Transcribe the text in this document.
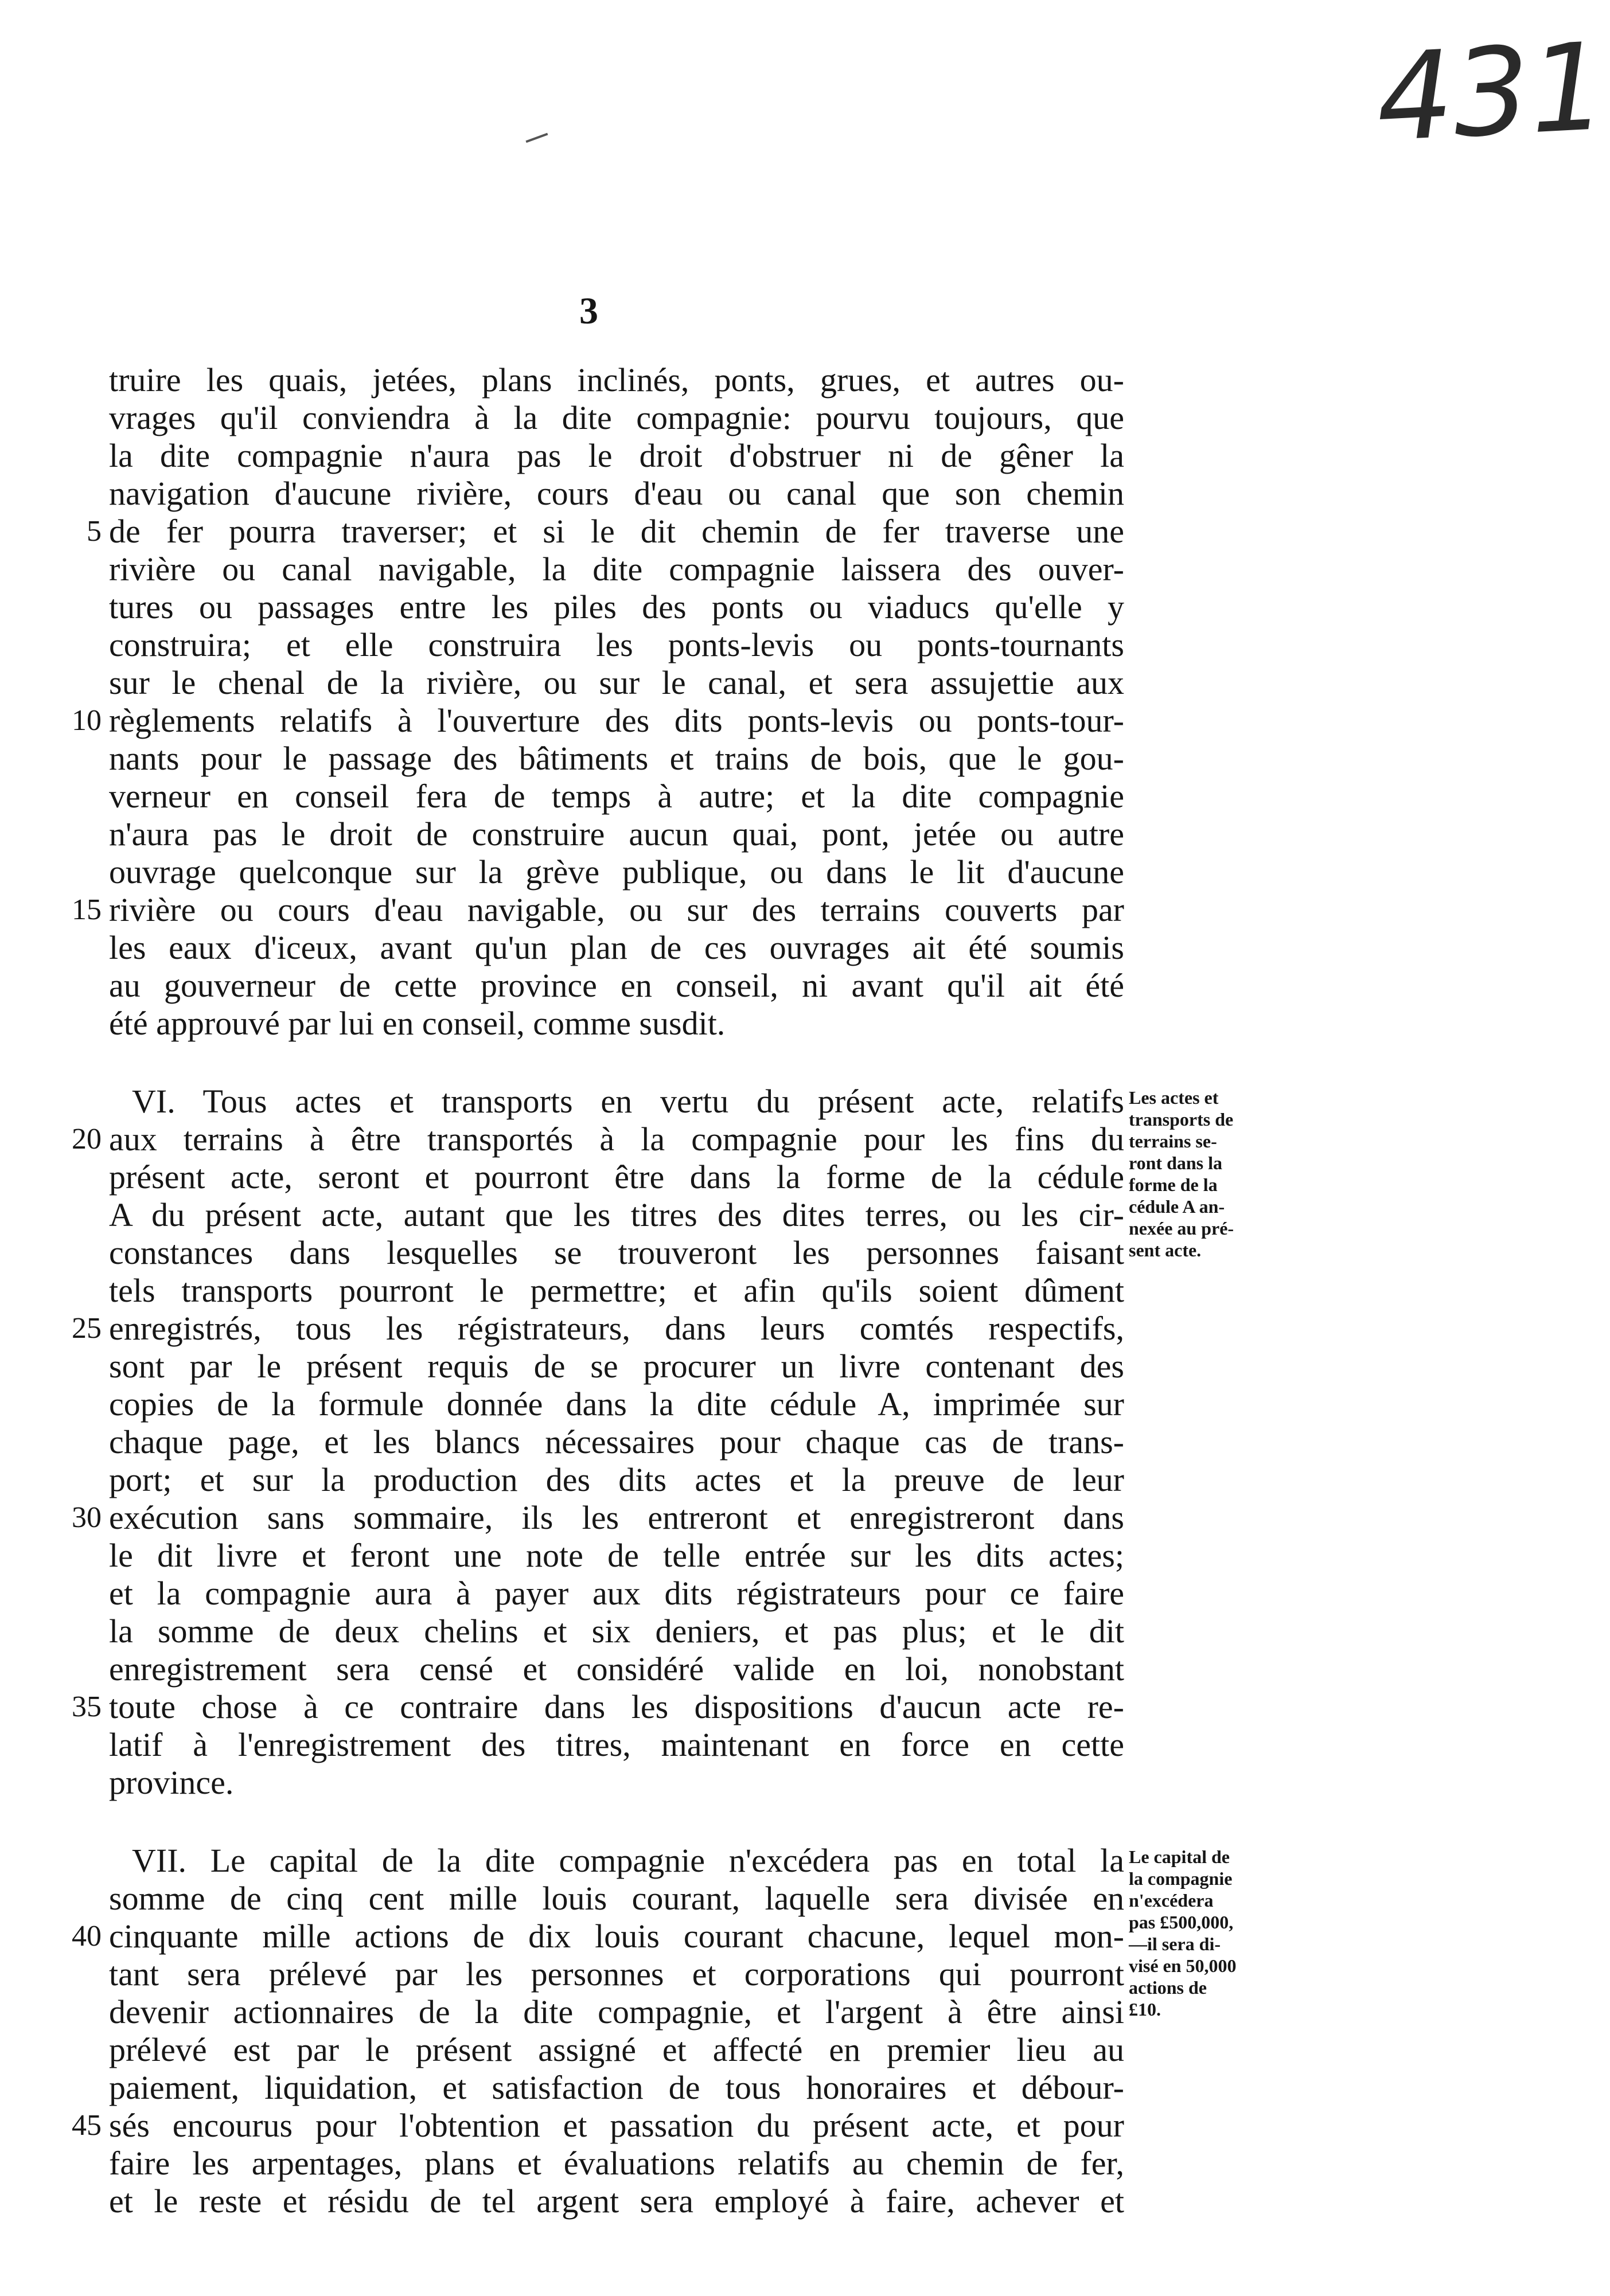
431
3
truire les quais, jetées, plans inclinés, ponts, grues, et autres ou-
vrages qu'il conviendra à la dite compagnie: pourvu toujours, que
la dite compagnie n'aura pas le droit d'obstruer ni de gêner la
navigation d'aucune rivière, cours d'eau ou canal que son chemin
de fer pourra traverser; et si le dit chemin de fer traverse une
5
rivière ou canal navigable, la dite compagnie laissera des ouver-
tures ou passages entre les piles des ponts ou viaducs qu'elle y
construira; et elle construira les ponts-levis ou ponts-tournants
sur le chenal de la rivière, ou sur le canal, et sera assujettie aux
règlements relatifs à l'ouverture des dits ponts-levis ou ponts-tour-
10
nants pour le passage des bâtiments et trains de bois, que le gou-
verneur en conseil fera de temps à autre; et la dite compagnie
n'aura pas le droit de construire aucun quai, pont, jetée ou autre
ouvrage quelconque sur la grève publique, ou dans le lit d'aucune
rivière ou cours d'eau navigable, ou sur des terrains couverts par
15
les eaux d'iceux, avant qu'un plan de ces ouvrages ait été soumis
au gouverneur de cette province en conseil, ni avant qu'il ait été
été approuvé par lui en conseil, comme susdit.
VI. Tous actes et transports en vertu du présent acte, relatifs
aux terrains à être transportés à la compagnie pour les fins du
20
présent acte, seront et pourront être dans la forme de la cédule
A du présent acte, autant que les titres des dites terres, ou les cir-
constances dans lesquelles se trouveront les personnes faisant
tels transports pourront le permettre; et afin qu'ils soient dûment
enregistrés, tous les régistrateurs, dans leurs comtés respectifs,
25
sont par le présent requis de se procurer un livre contenant des
copies de la formule donnée dans la dite cédule A, imprimée sur
chaque page, et les blancs nécessaires pour chaque cas de trans-
port; et sur la production des dits actes et la preuve de leur
exécution sans sommaire, ils les entreront et enregistreront dans
30
le dit livre et feront une note de telle entrée sur les dits actes;
et la compagnie aura à payer aux dits régistrateurs pour ce faire
la somme de deux chelins et six deniers, et pas plus; et le dit
enregistrement sera censé et considéré valide en loi, nonobstant
toute chose à ce contraire dans les dispositions d'aucun acte re-
35
latif à l'enregistrement des titres, maintenant en force en cette
province.
VII. Le capital de la dite compagnie n'excédera pas en total la
somme de cinq cent mille louis courant, laquelle sera divisée en
cinquante mille actions de dix louis courant chacune, lequel mon-
40
tant sera prélevé par les personnes et corporations qui pourront
devenir actionnaires de la dite compagnie, et l'argent à être ainsi
prélevé est par le présent assigné et affecté en premier lieu au
paiement, liquidation, et satisfaction de tous honoraires et débour-
sés encourus pour l'obtention et passation du présent acte, et pour
45
faire les arpentages, plans et évaluations relatifs au chemin de fer,
et le reste et résidu de tel argent sera employé à faire, achever et
Les actes et
transports de
terrains se-
ront dans la
forme de la
cédule A an-
nexée au pré-
sent acte.
Le capital de
la compagnie
n'excédera
pas £500,000,
—il sera di-
visé en 50,000
actions de
£10.
